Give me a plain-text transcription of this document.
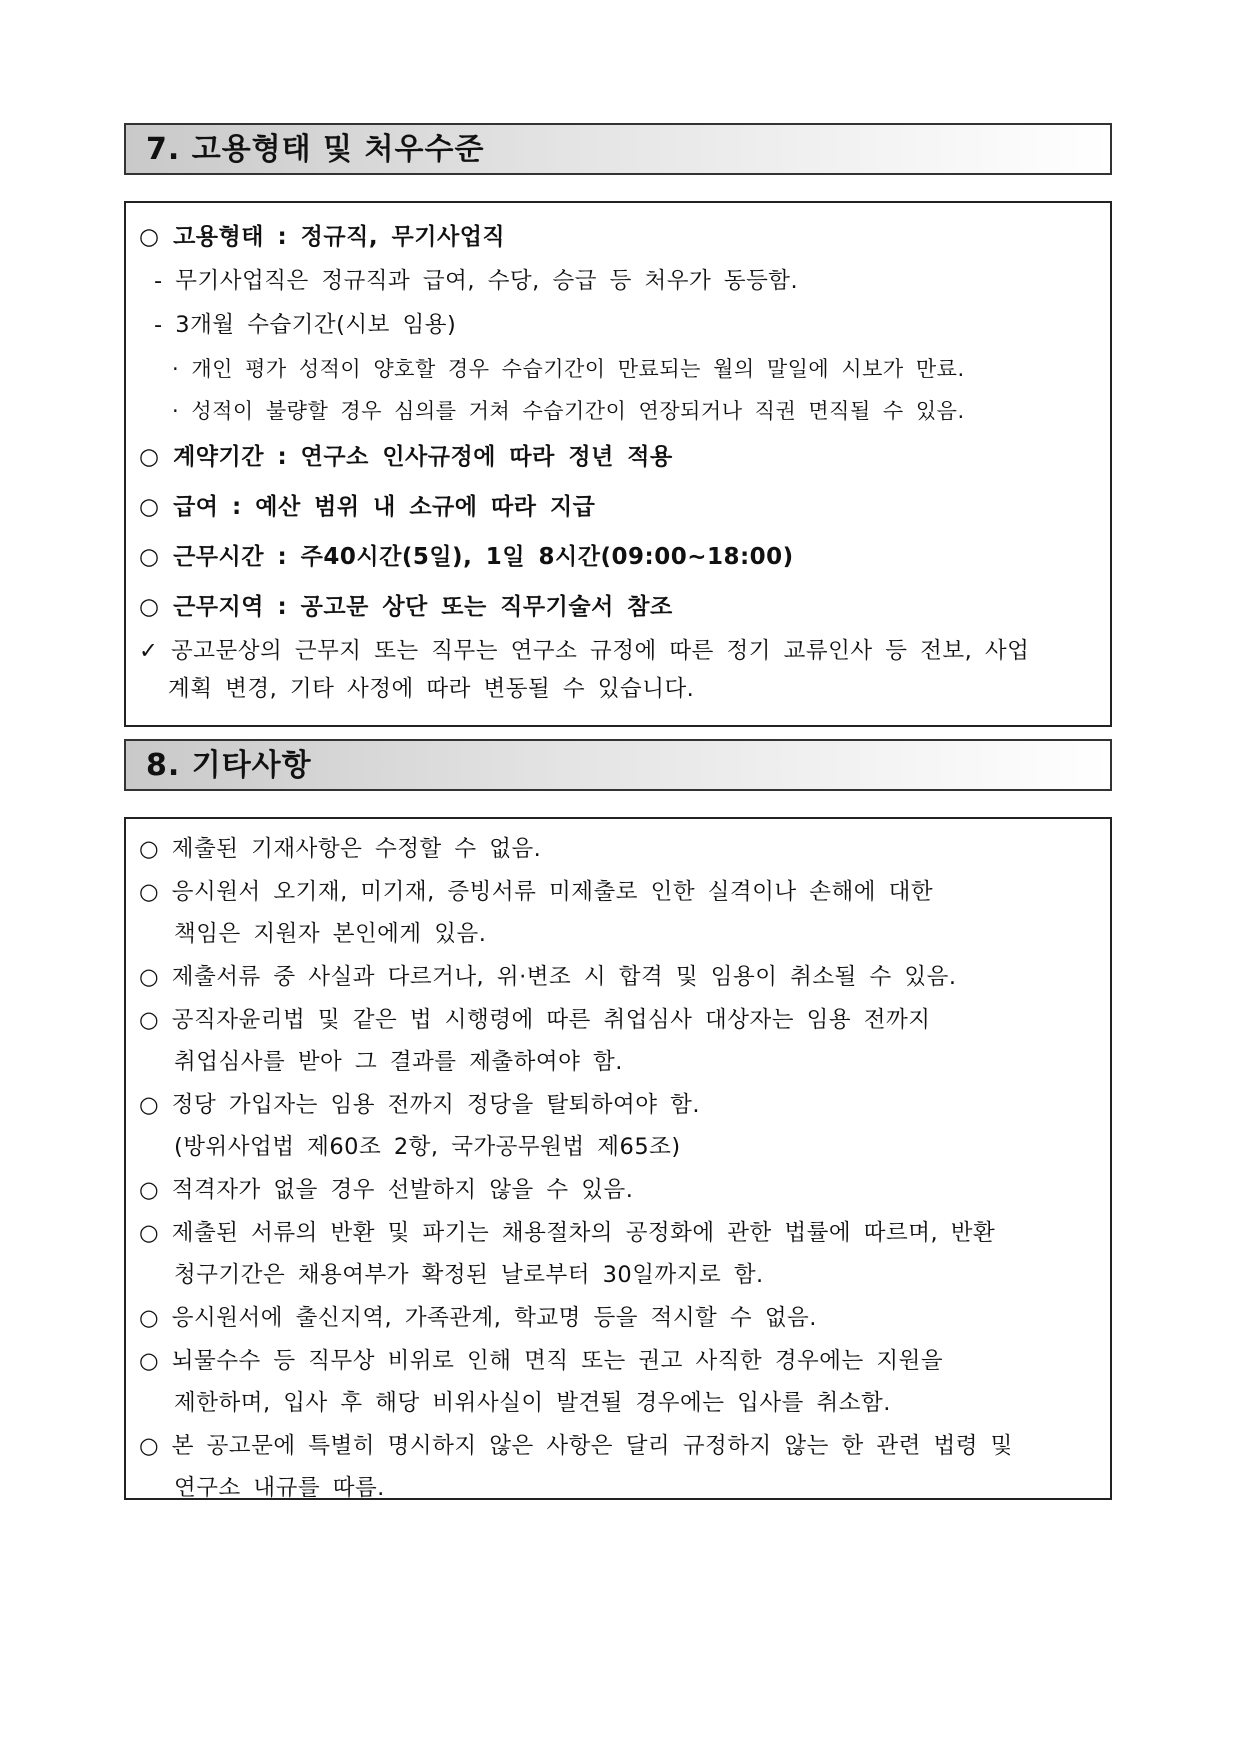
7. 고용형태 및 처우수준
○ 고용형태 : 정규직, 무기사업직
- 무기사업직은 정규직과 급여, 수당, 승급 등 처우가 동등함.
- 3개월 수습기간(시보 임용)
· 개인 평가 성적이 양호할 경우 수습기간이 만료되는 월의 말일에 시보가 만료.
· 성적이 불량할 경우 심의를 거쳐 수습기간이 연장되거나 직권 면직될 수 있음.
○ 계약기간 : 연구소 인사규정에 따라 정년 적용
○ 급여 : 예산 범위 내 소규에 따라 지급
○ 근무시간 : 주40시간(5일), 1일 8시간(09:00~18:00)
○ 근무지역 : 공고문 상단 또는 직무기술서 참조
✓ 공고문상의 근무지 또는 직무는 연구소 규정에 따른 정기 교류인사 등 전보, 사업
계획 변경, 기타 사정에 따라 변동될 수 있습니다.
8. 기타사항
○ 제출된 기재사항은 수정할 수 없음.
○ 응시원서 오기재, 미기재, 증빙서류 미제출로 인한 실격이나 손해에 대한
책임은 지원자 본인에게 있음.
○ 제출서류 중 사실과 다르거나, 위·변조 시 합격 및 임용이 취소될 수 있음.
○ 공직자윤리법 및 같은 법 시행령에 따른 취업심사 대상자는 임용 전까지
취업심사를 받아 그 결과를 제출하여야 함.
○ 정당 가입자는 임용 전까지 정당을 탈퇴하여야 함.
(방위사업법 제60조 2항, 국가공무원법 제65조)
○ 적격자가 없을 경우 선발하지 않을 수 있음.
○ 제출된 서류의 반환 및 파기는 채용절차의 공정화에 관한 법률에 따르며, 반환
청구기간은 채용여부가 확정된 날로부터 30일까지로 함.
○ 응시원서에 출신지역, 가족관계, 학교명 등을 적시할 수 없음.
○ 뇌물수수 등 직무상 비위로 인해 면직 또는 권고 사직한 경우에는 지원을
제한하며, 입사 후 해당 비위사실이 발견될 경우에는 입사를 취소함.
○ 본 공고문에 특별히 명시하지 않은 사항은 달리 규정하지 않는 한 관련 법령 및
연구소 내규를 따름.
